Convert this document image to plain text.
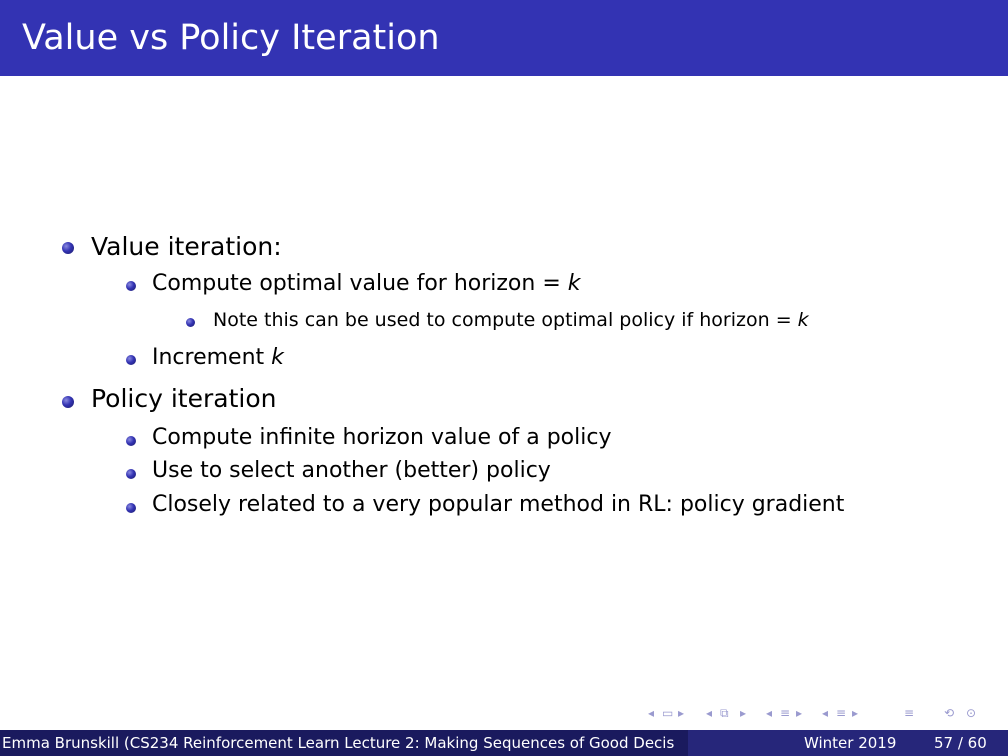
Value vs Policy Iteration
Value iteration:
Compute optimal value for horizon = k
Note this can be used to compute optimal policy if horizon = k
Increment k
Policy iteration
Compute infinite horizon value of a policy
Use to select another (better) policy
Closely related to a very popular method in RL: policy gradient
◂ ▭ ▸ ◂ ⧉ ▸ ◂ ≡ ▸ ◂ ≡ ▸	≡ ⟲ ⊙
Emma Brunskill (CS234 Reinforcement Learn Lecture 2: Making Sequences of Good Decis	Winter 2019	57 / 60
